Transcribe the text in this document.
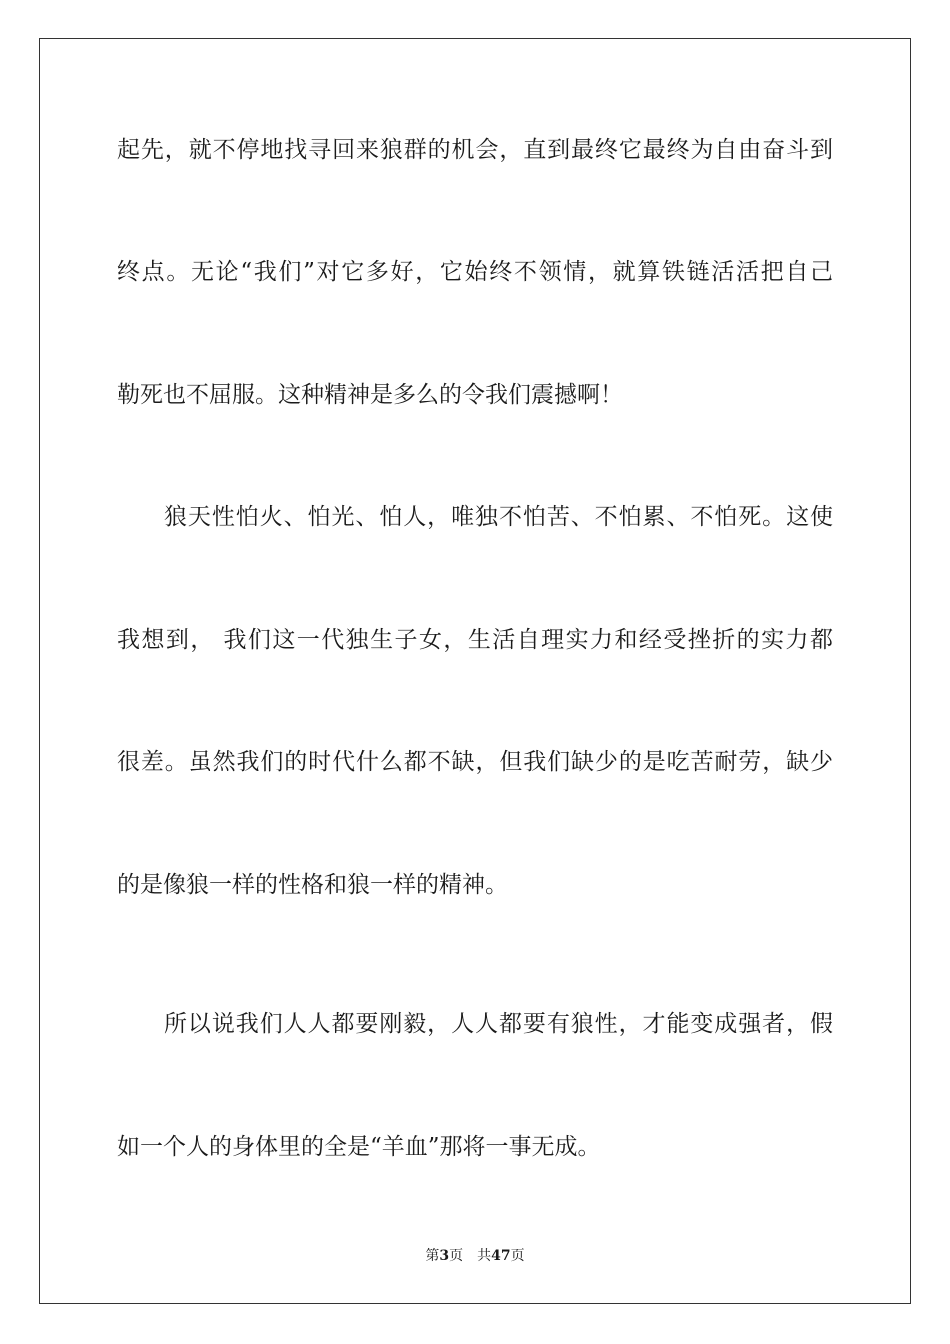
起先，就不停地找寻回来狼群的机会，直到最终它最终为自由奋斗到
终点。无论“我们”对它多好，它始终不领情，就算铁链活活把自己
勒死也不屈服。这种精神是多么的令我们震撼啊！
狼天性怕火、怕光、怕人，唯独不怕苦、不怕累、不怕死。这使
我想到， 我们这一代独生子女，生活自理实力和经受挫折的实力都
很差。虽然我们的时代什么都不缺，但我们缺少的是吃苦耐劳，缺少
的是像狼一样的性格和狼一样的精神。
所以说我们人人都要刚毅，人人都要有狼性，才能变成强者，假
如一个人的身体里的全是“羊血”那将一事无成。
第3页 共47页
